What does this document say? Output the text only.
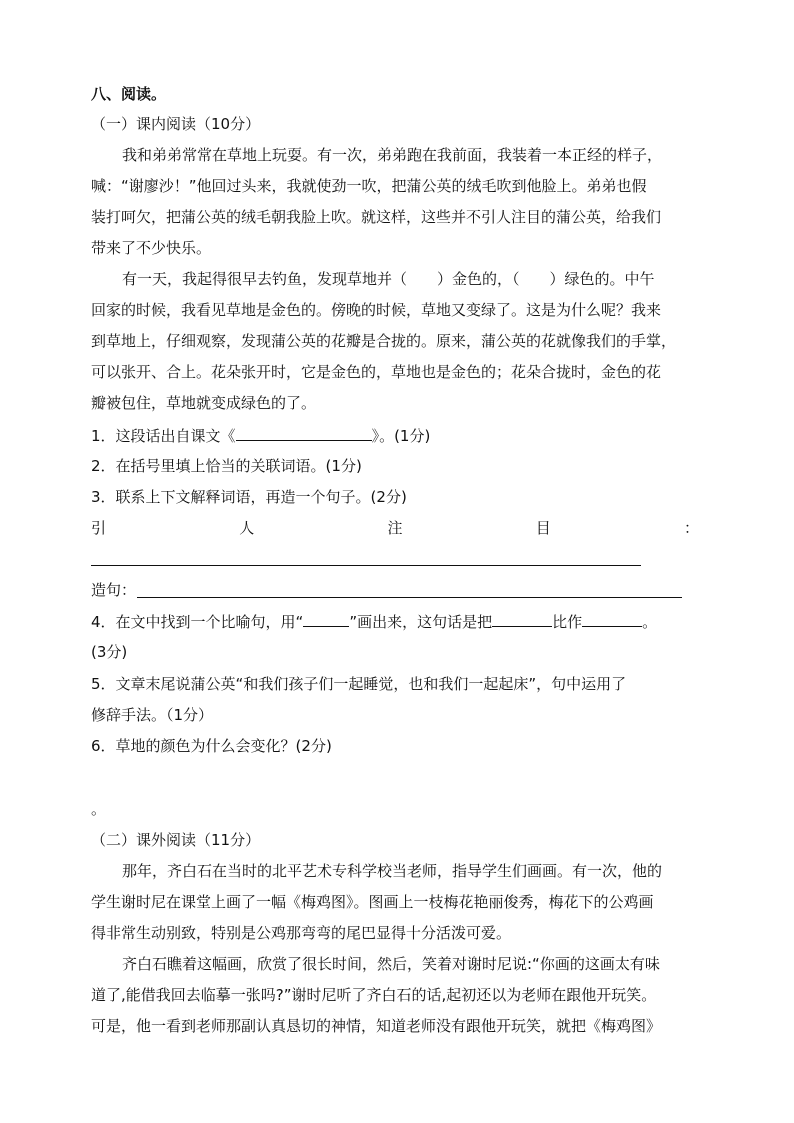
八、阅读。
（一）课内阅读（10分）
我和弟弟常常在草地上玩耍。有一次，弟弟跑在我前面，我装着一本正经的样子，
喊：“谢廖沙！”他回过头来，我就使劲一吹，把蒲公英的绒毛吹到他脸上。弟弟也假
装打呵欠，把蒲公英的绒毛朝我脸上吹。就这样，这些并不引人注目的蒲公英，给我们
带来了不少快乐。
有一天，我起得很早去钓鱼，发现草地并（　　）金色的，（　　）绿色的。中午
回家的时候，我看见草地是金色的。傍晚的时候，草地又变绿了。这是为什么呢？我来
到草地上，仔细观察，发现蒲公英的花瓣是合拢的。原来，蒲公英的花就像我们的手掌，
可以张开、合上。花朵张开时，它是金色的，草地也是金色的；花朵合拢时，金色的花
瓣被包住，草地就变成绿色的了。
1．这段话出自课文《	》。(1分)
2．在括号里填上恰当的关联词语。(1分)
3．联系上下文解释词语，再造一个句子。(2分)
引	人	注	目	：
造句：
4．在文中找到一个比喻句，用“	”画出来，这句话是把	比作	。
(3分)
5．文章末尾说蒲公英“和我们孩子们一起睡觉，也和我们一起起床”，句中运用了
修辞手法。（1分）
6．草地的颜色为什么会变化？(2分)
。
（二）课外阅读（11分）
那年，齐白石在当时的北平艺术专科学校当老师，指导学生们画画。有一次，他的
学生谢时尼在课堂上画了一幅《梅鸡图》。图画上一枝梅花艳丽俊秀，梅花下的公鸡画
得非常生动别致，特别是公鸡那弯弯的尾巴显得十分活泼可爱。
齐白石瞧着这幅画，欣赏了很长时间，然后，笑着对谢时尼说:“你画的这画太有味
道了,能借我回去临摹一张吗?”谢时尼听了齐白石的话,起初还以为老师在跟他开玩笑。
可是，他一看到老师那副认真恳切的神情，知道老师没有跟他开玩笑，就把《梅鸡图》
